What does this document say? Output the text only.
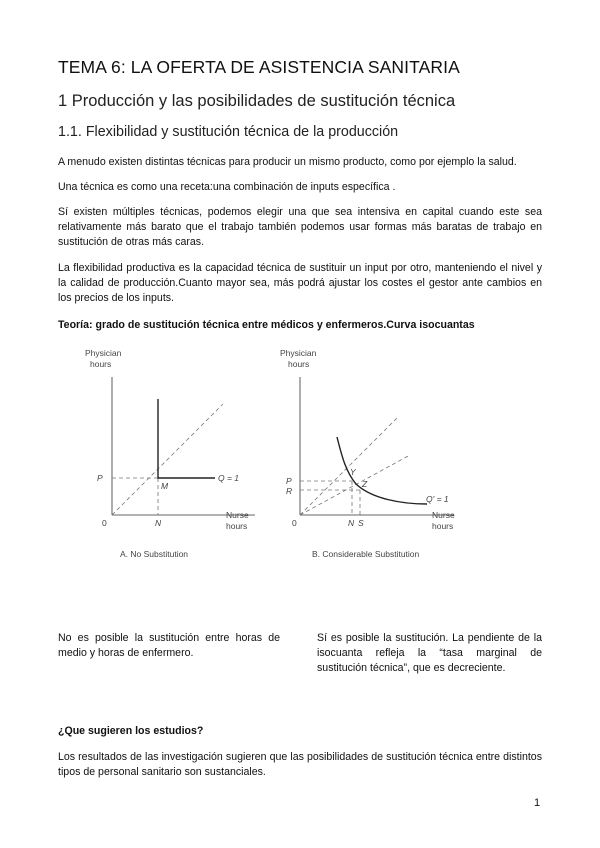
TEMA 6: LA OFERTA DE ASISTENCIA SANITARIA
1 Producción y las posibilidades de sustitución técnica
1.1. Flexibilidad y sustitución técnica de la producción

A menudo existen distintas técnicas para producir un mismo producto, como por ejemplo la salud.

Una técnica es como una receta:una combinación de inputs específica .

Sí existen múltiples técnicas, podemos elegir una que sea intensiva en capital cuando este sea relativamente más barato que el trabajo también podemos usar formas más baratas de trabajo en sustitución de otras más caras.

La flexibilidad productiva es la capacidad técnica de sustituir un input por otro, manteniendo el nivel y la calidad de producción.Cuanto mayor sea, más podrá ajustar los costes el gestor ante cambios en los precios de los inputs.

Teoría: grado de sustitución técnica entre médicos y enfermeros.Curva isocuantas

Physician
hours
P
M
Q = 1
0	N
Nurse
hours
A. No Substitution
Physician
hours
P
R
Y
Z
Q' = 1
0	N S
Nurse
hours
B. Considerable Substitution

No es posible la sustitución entre horas de medio y horas de enfermero.

Sí es posible la sustitución. La pendiente de la isocuanta refleja la “tasa marginal de sustitución técnica”, que es decreciente.

¿Que sugieren los estudios?

Los resultados de las investigación sugieren que las posibilidades de sustitución técnica entre distintos tipos de personal sanitario son sustanciales.

1
